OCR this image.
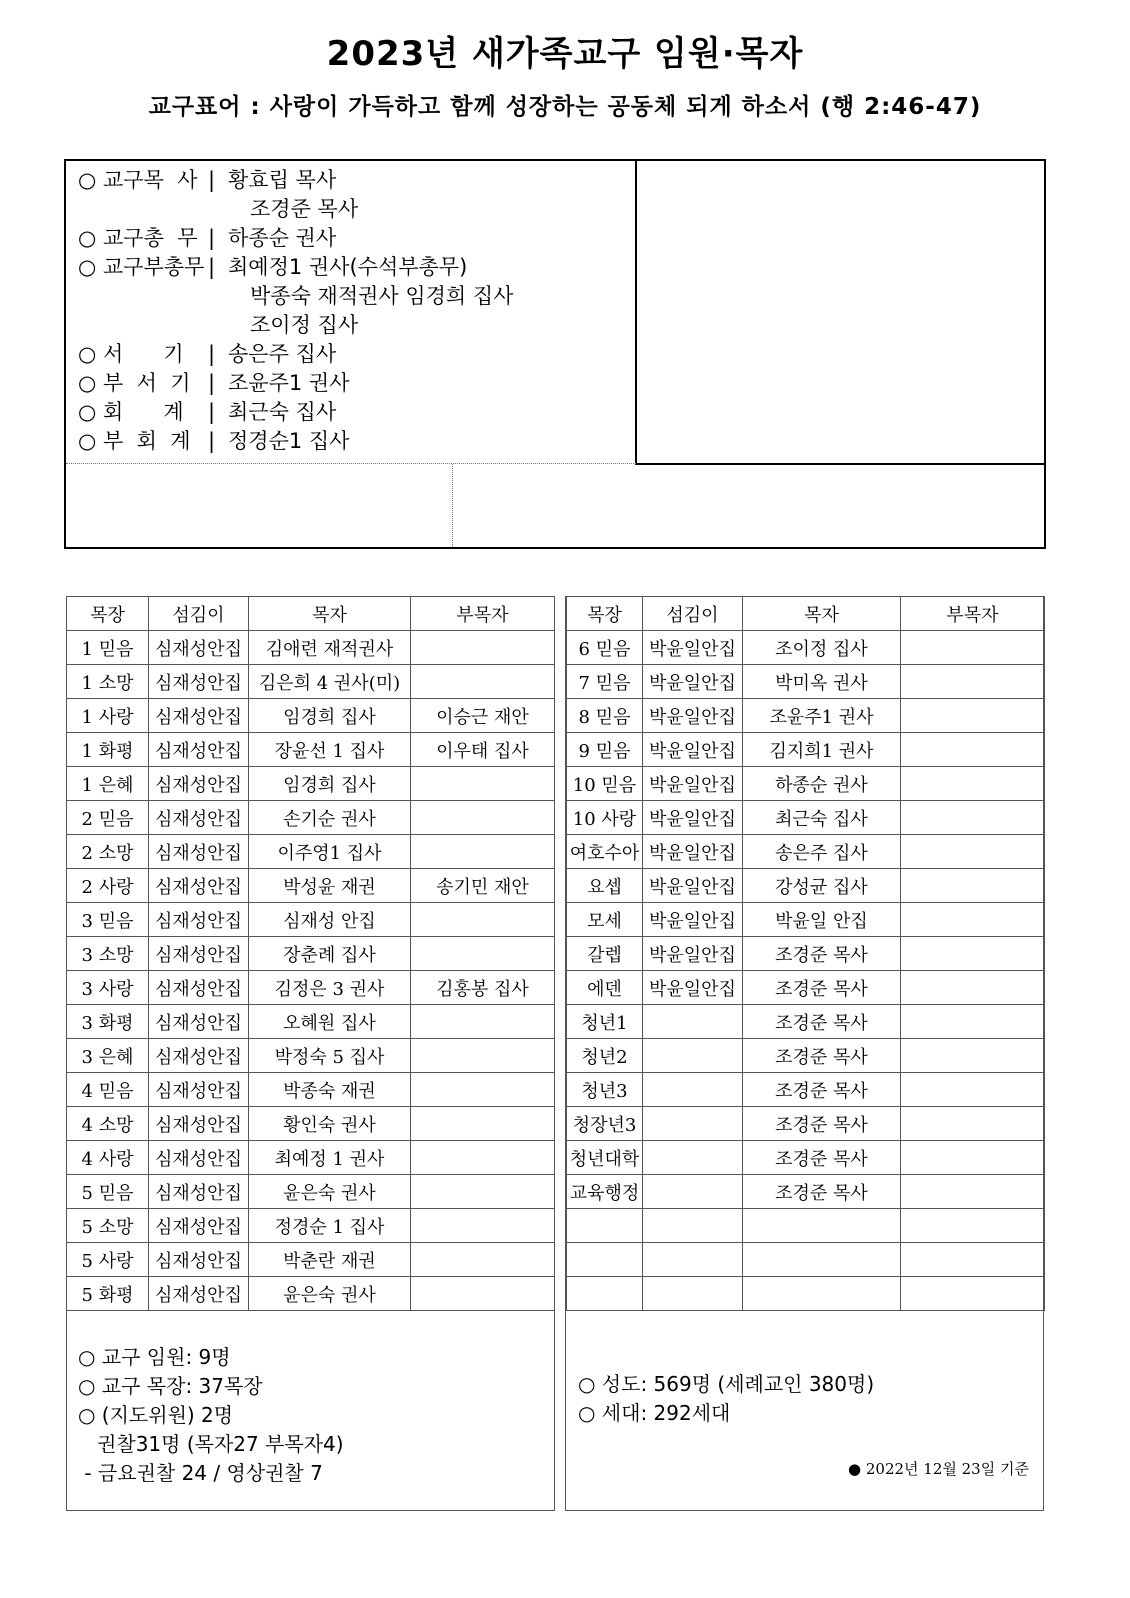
2023년 새가족교구 임원·목자
교구표어 : 사랑이 가득하고 함께 성장하는 공동체 되게 하소서 (행 2:46-47)
○ 교구목  사 | 황효립 목사
조경준 목사
○ 교구총  무 | 하종순 권사
○ 교구부총무 | 최예정1 권사(수석부총무)
박종숙 재적권사 임경희 집사
조이정 집사
○ 서      기 | 송은주 집사
○ 부  서  기 | 조윤주1 권사
○ 회      계 | 최근숙 집사
○ 부  회  계 | 정경순1 집사
목장	섬김이	목자	부목자
1 믿음	심재성안집	김애련 재적권사	
1 소망	심재성안집	김은희 4 권사(미)	
1 사랑	심재성안집	임경희 집사	이승근 재안
1 화평	심재성안집	장윤선 1 집사	이우태 집사
1 은혜	심재성안집	임경희 집사	
2 믿음	심재성안집	손기순 권사	
2 소망	심재성안집	이주영1 집사	
2 사랑	심재성안집	박성윤 재권	송기민 재안
3 믿음	심재성안집	심재성 안집	
3 소망	심재성안집	장춘례 집사	
3 사랑	심재성안집	김정은 3 권사	김홍봉 집사
3 화평	심재성안집	오혜원 집사	
3 은혜	심재성안집	박정숙 5 집사	
4 믿음	심재성안집	박종숙 재권	
4 소망	심재성안집	황인숙 권사	
4 사랑	심재성안집	최예정 1 권사	
5 믿음	심재성안집	윤은숙 권사	
5 소망	심재성안집	정경순 1 집사	
5 사랑	심재성안집	박춘란 재권	
5 화평	심재성안집	윤은숙 권사	
목장	섬김이	목자	부목자
6 믿음	박윤일안집	조이정 집사	
7 믿음	박윤일안집	박미옥 권사	
8 믿음	박윤일안집	조윤주1 권사	
9 믿음	박윤일안집	김지희1 권사	
10 믿음	박윤일안집	하종순 권사	
10 사랑	박윤일안집	최근숙 집사	
여호수아	박윤일안집	송은주 집사	
요셉	박윤일안집	강성균 집사	
모세	박윤일안집	박윤일 안집	
갈렙	박윤일안집	조경준 목사	
에덴	박윤일안집	조경준 목사	
청년1		조경준 목사	
청년2		조경준 목사	
청년3		조경준 목사	
청장년3		조경준 목사	
청년대학		조경준 목사	
교육행정		조경준 목사	

○ 교구 임원: 9명
○ 교구 목장: 37목장
○ (지도위원) 2명
권찰31명 (목자27 부목자4)
- 금요권찰 24 / 영상권찰 7
○ 성도: 569명 (세례교인 380명)
○ 세대: 292세대
● 2022년 12월 23일 기준
